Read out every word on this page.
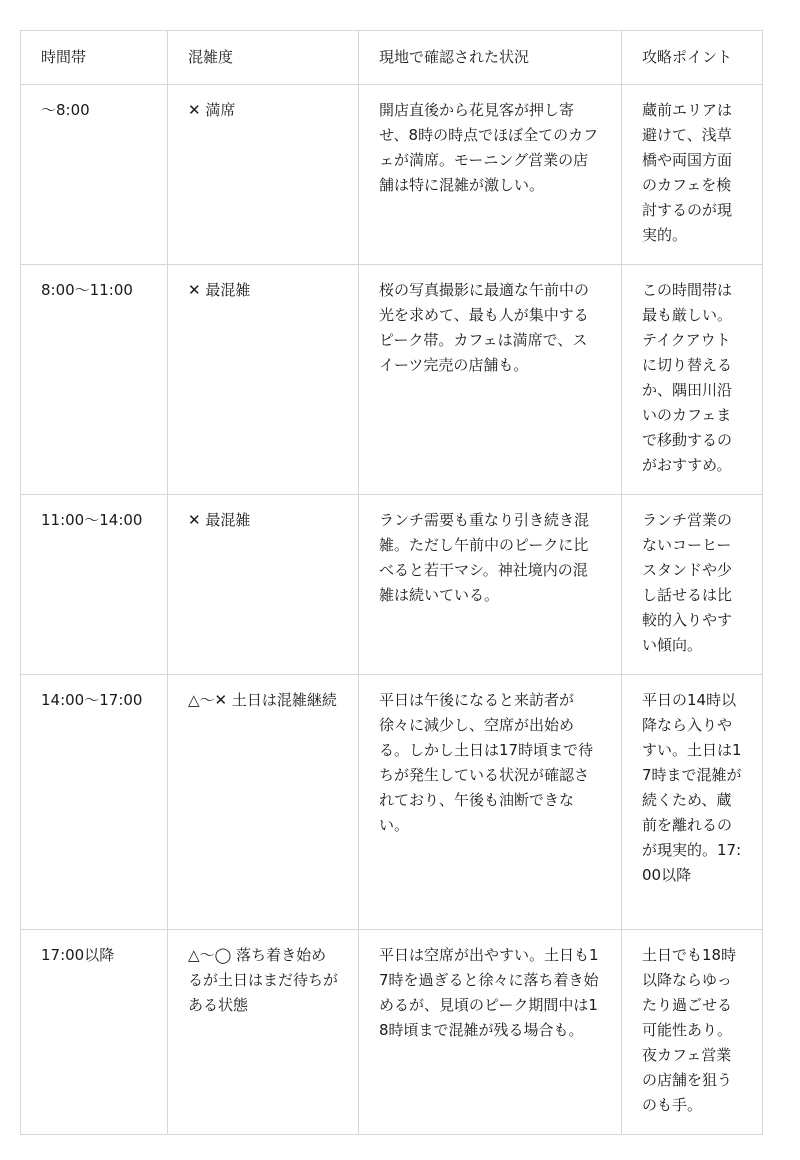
時間帯	混雑度	現地で確認された状況	攻略ポイント
〜8:00	✕ 満席	開店直後から花見客が押し寄せ、8時の時点でほぼ全てのカフェが満席。モーニング営業の店舗は特に混雑が激しい。	蔵前エリアは避けて、浅草橋や両国方面のカフェを検討するのが現実的。
8:00〜11:00	✕ 最混雑	桜の写真撮影に最適な午前中の光を求めて、最も人が集中するピーク帯。カフェは満席で、スイーツ完売の店舗も。	この時間帯は最も厳しい。テイクアウトに切り替えるか、隅田川沿いのカフェまで移動するのがおすすめ。
11:00〜14:00	✕ 最混雑	ランチ需要も重なり引き続き混雑。ただし午前中のピークに比べると若干マシ。神社境内の混雑は続いている。	ランチ営業のないコーヒースタンドや少し話せるは比較的入りやすい傾向。
14:00〜17:00	△〜✕ 土日は混雑継続	平日は午後になると来訪者が徐々に減少し、空席が出始める。しかし土日は17時頃まで待ちが発生している状況が確認されており、午後も油断できない。	平日の14時以降なら入りやすい。土日は17時まで混雑が続くため、蔵前を離れるのが現実的。17:00以降
17:00以降	△〜◯ 落ち着き始めるが土日はまだ待ちがある状態	平日は空席が出やすい。土日も17時を過ぎると徐々に落ち着き始めるが、見頃のピーク期間中は18時頃まで混雑が残る場合も。	土日でも18時以降ならゆったり過ごせる可能性あり。夜カフェ営業の店舗を狙うのも手。
